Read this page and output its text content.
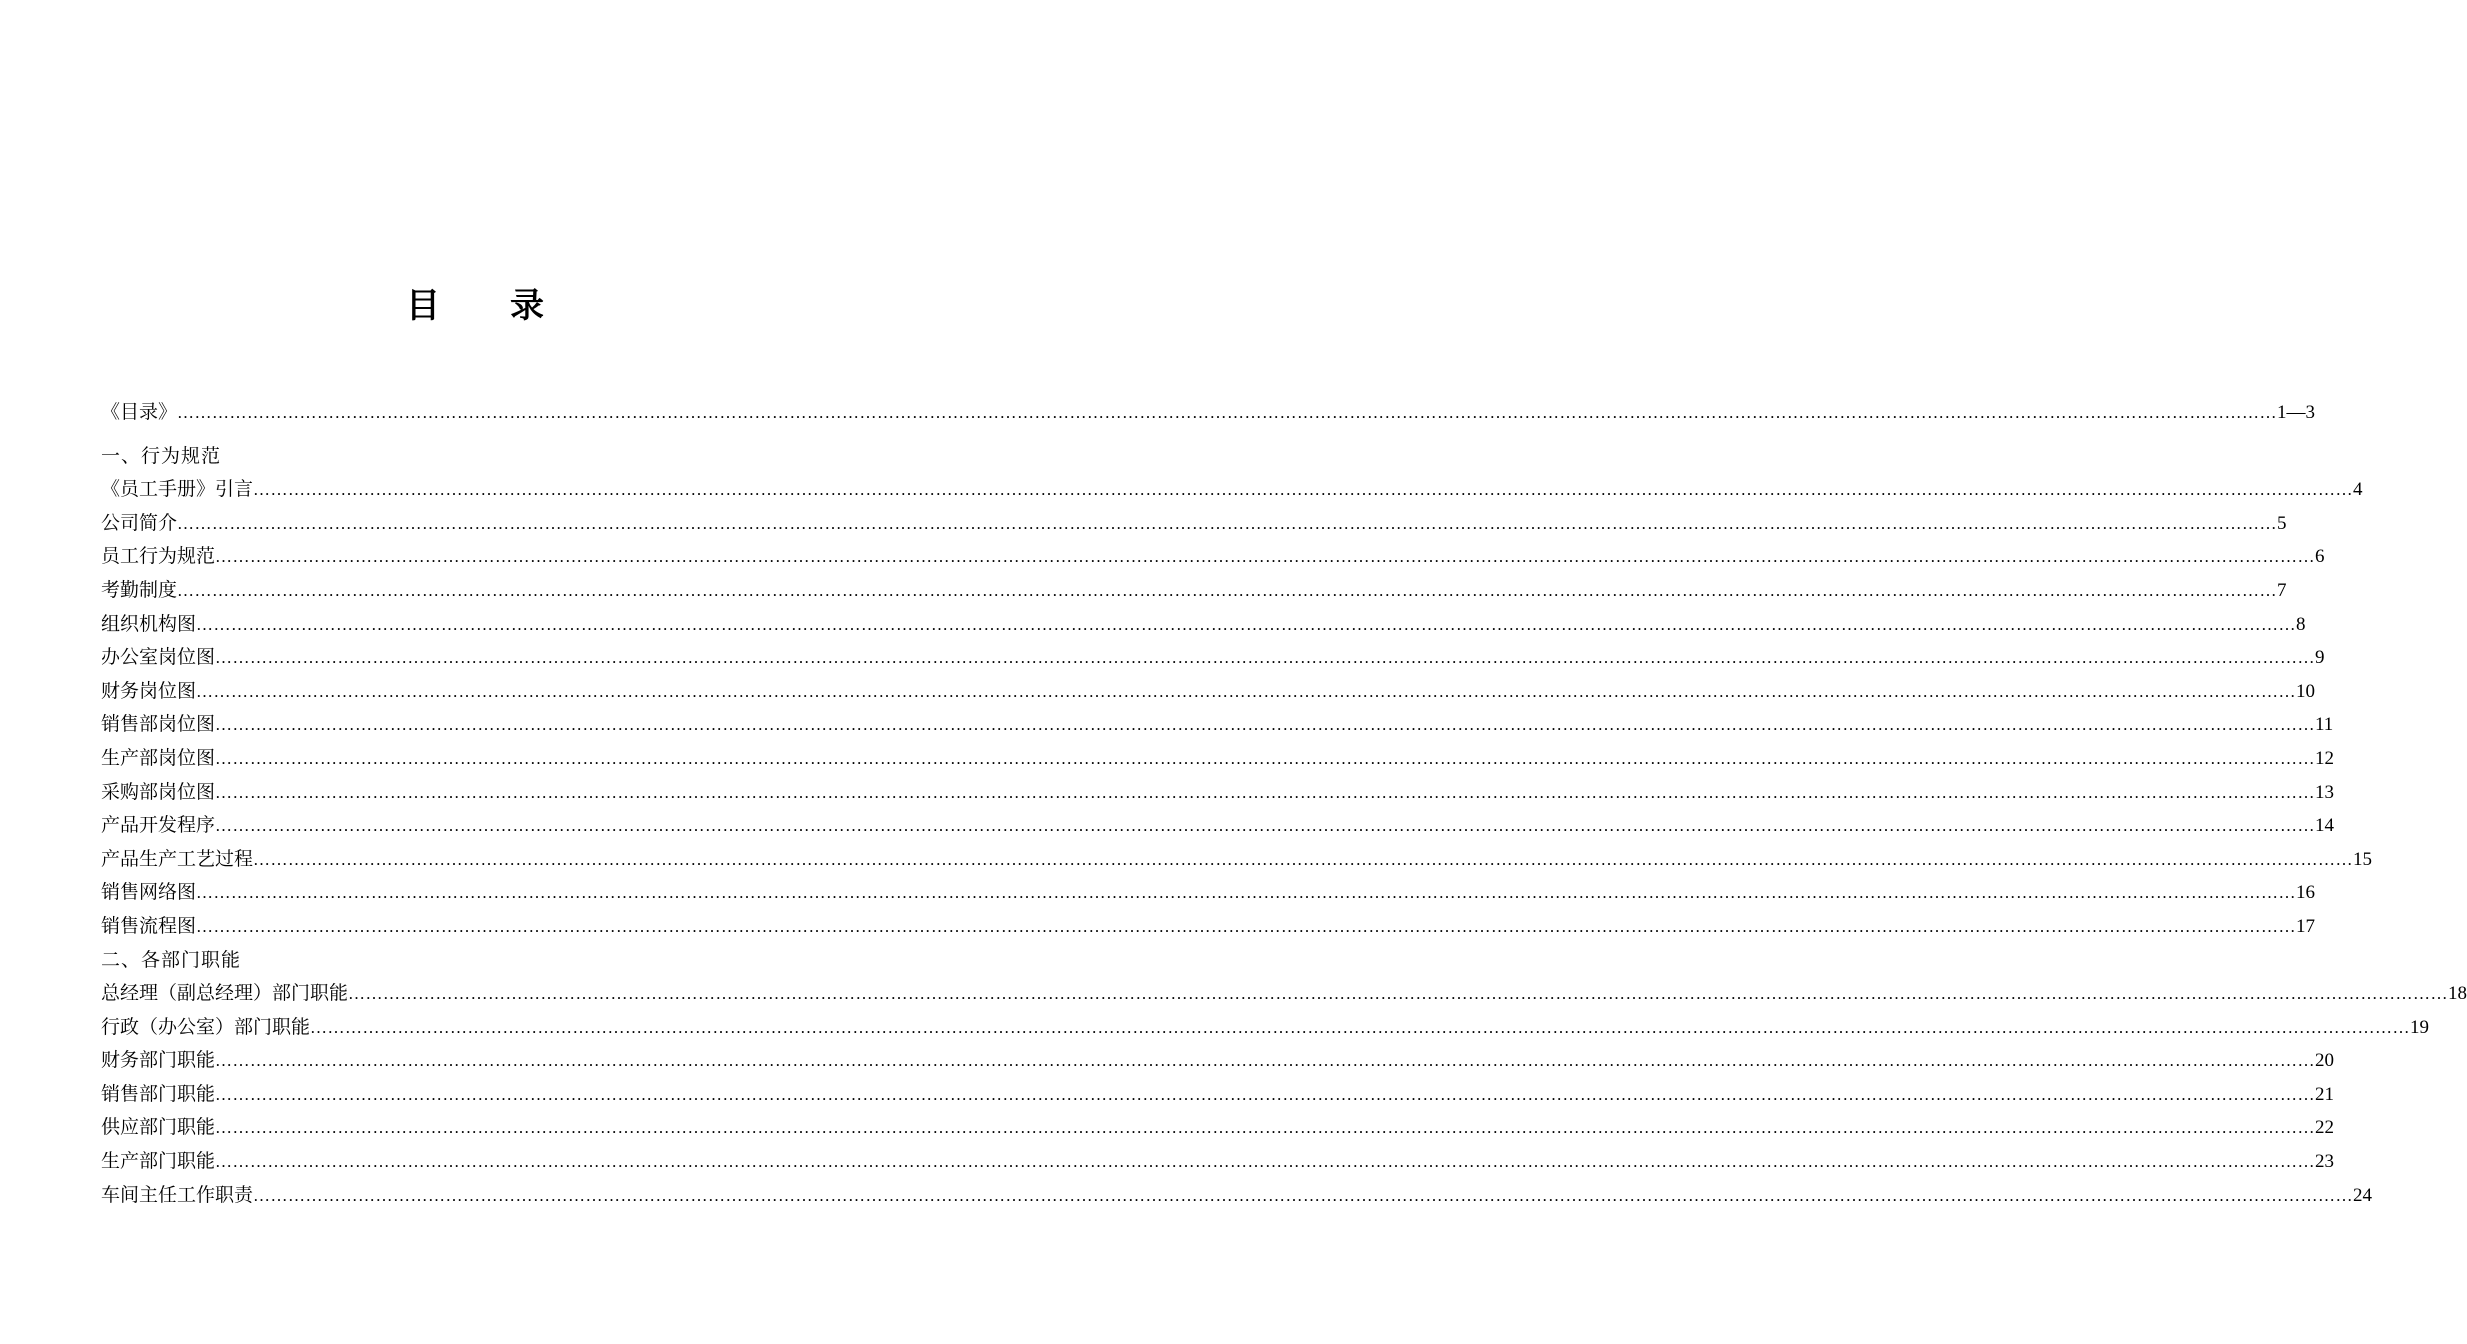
目 录
《目录》 ……………………………………………………………………………………………………………………………………………………………………………………………………………………………………………………………………………………………………………………………… 1—3
一、行为规范
《员工手册》引言 ……………………………………………………………………………………………………………………………………………………………………………………………………………………………………………………………………………………………………………………………… 4
公司简介 ……………………………………………………………………………………………………………………………………………………………………………………………………………………………………………………………………………………………………………………………… 5
员工行为规范 ……………………………………………………………………………………………………………………………………………………………………………………………………………………………………………………………………………………………………………………………… 6
考勤制度 ……………………………………………………………………………………………………………………………………………………………………………………………………………………………………………………………………………………………………………………………… 7
组织机构图 ……………………………………………………………………………………………………………………………………………………………………………………………………………………………………………………………………………………………………………………………… 8
办公室岗位图 ……………………………………………………………………………………………………………………………………………………………………………………………………………………………………………………………………………………………………………………………… 9
财务岗位图 ……………………………………………………………………………………………………………………………………………………………………………………………………………………………………………………………………………………………………………………………… 10
销售部岗位图 ……………………………………………………………………………………………………………………………………………………………………………………………………………………………………………………………………………………………………………………………… 11
生产部岗位图 ……………………………………………………………………………………………………………………………………………………………………………………………………………………………………………………………………………………………………………………………… 12
采购部岗位图 ……………………………………………………………………………………………………………………………………………………………………………………………………………………………………………………………………………………………………………………………… 13
产品开发程序 ……………………………………………………………………………………………………………………………………………………………………………………………………………………………………………………………………………………………………………………………… 14
产品生产工艺过程 ……………………………………………………………………………………………………………………………………………………………………………………………………………………………………………………………………………………………………………………………… 15
销售网络图 ……………………………………………………………………………………………………………………………………………………………………………………………………………………………………………………………………………………………………………………………… 16
销售流程图 ……………………………………………………………………………………………………………………………………………………………………………………………………………………………………………………………………………………………………………………………… 17
二、各部门职能
总经理（副总经理）部门职能 ……………………………………………………………………………………………………………………………………………………………………………………………………………………………………………………………………………………………………………………………… 18
行政（办公室）部门职能 ……………………………………………………………………………………………………………………………………………………………………………………………………………………………………………………………………………………………………………………………… 19
财务部门职能 ……………………………………………………………………………………………………………………………………………………………………………………………………………………………………………………………………………………………………………………………… 20
销售部门职能 ……………………………………………………………………………………………………………………………………………………………………………………………………………………………………………………………………………………………………………………………… 21
供应部门职能 ……………………………………………………………………………………………………………………………………………………………………………………………………………………………………………………………………………………………………………………………… 22
生产部门职能 ……………………………………………………………………………………………………………………………………………………………………………………………………………………………………………………………………………………………………………………………… 23
车间主任工作职责 ……………………………………………………………………………………………………………………………………………………………………………………………………………………………………………………………………………………………………………………………… 24
